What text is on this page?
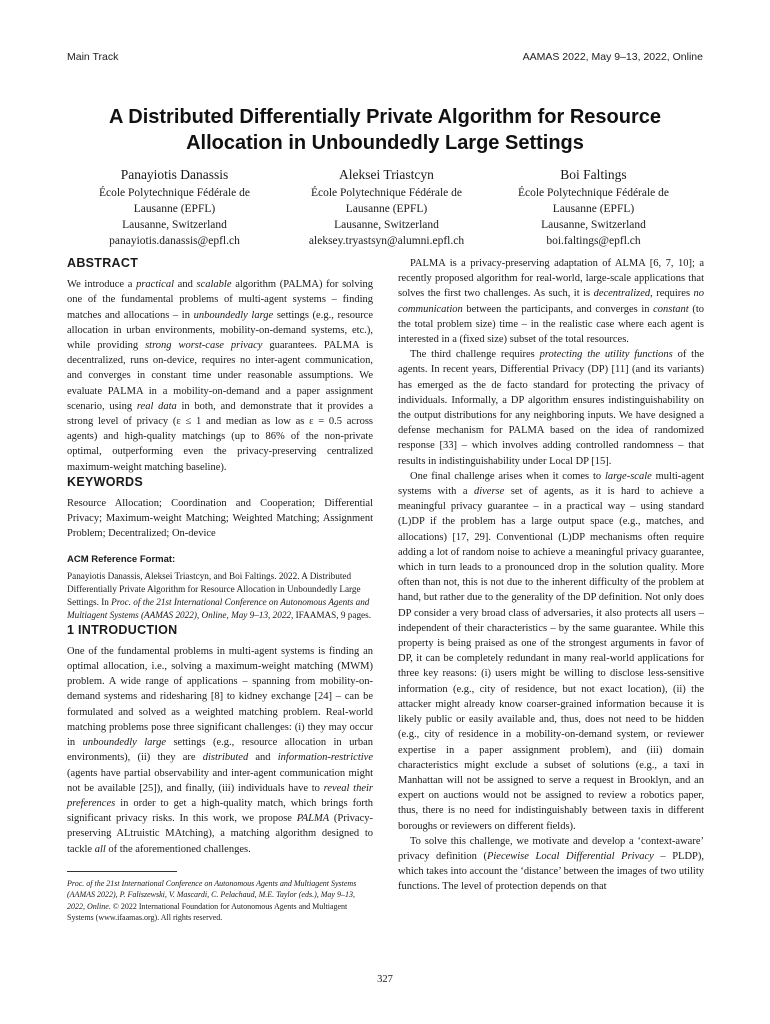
Main Track	AAMAS 2022, May 9–13, 2022, Online
A Distributed Differentially Private Algorithm for Resource
Allocation in Unboundedly Large Settings
Panayiotis Danassis
École Polytechnique Fédérale de
Lausanne (EPFL)
Lausanne, Switzerland
panayiotis.danassis@epfl.ch
Aleksei Triastcyn
École Polytechnique Fédérale de
Lausanne (EPFL)
Lausanne, Switzerland
aleksey.tryastsyn@alumni.epfl.ch
Boi Faltings
École Polytechnique Fédérale de
Lausanne (EPFL)
Lausanne, Switzerland
boi.faltings@epfl.ch
ABSTRACT

We introduce a practical and scalable algorithm (PALMA) for solving one of the fundamental problems of multi-agent systems – finding matches and allocations – in unboundedly large settings (e.g., resource allocation in urban environments, mobility-on-demand systems, etc.), while providing strong worst-case privacy guarantees. PALMA is decentralized, runs on-device, requires no inter-agent communication, and converges in constant time under reasonable assumptions. We evaluate PALMA in a mobility-on-demand and a paper assignment scenario, using real data in both, and demonstrate that it provides a strong level of privacy (ε ≤ 1 and median as low as ε = 0.5 across agents) and high-quality matchings (up to 86% of the non-private optimal, outperforming even the privacy-preserving centralized maximum-weight matching baseline).

KEYWORDS

Resource Allocation; Coordination and Cooperation; Differential Privacy; Maximum-weight Matching; Weighted Matching; Assignment Problem; Decentralized; On-device

ACM Reference Format:

Panayiotis Danassis, Aleksei Triastcyn, and Boi Faltings. 2022. A Distributed Differentially Private Algorithm for Resource Allocation in Unboundedly Large Settings. In Proc. of the 21st International Conference on Autonomous Agents and Multiagent Systems (AAMAS 2022), Online, May 9–13, 2022, IFAAMAS, 9 pages.

1 INTRODUCTION

One of the fundamental problems in multi-agent systems is finding an optimal allocation, i.e., solving a maximum-weight matching (MWM) problem. A wide range of applications – spanning from mobility-on-demand systems and ridesharing [8] to kidney exchange [24] – can be formulated and solved as a weighted matching problem. Real-world matching problems pose three significant challenges: (i) they may occur in unboundedly large settings (e.g., resource allocation in urban environments), (ii) they are distributed and information-restrictive (agents have partial observability and inter-agent communication might not be available [25]), and finally, (iii) individuals have to reveal their preferences in order to get a high-quality match, which brings forth significant privacy risks. In this work, we propose PALMA (Privacy-preserving ALtruistic MAtching), a matching algorithm designed to tackle all of the aforementioned challenges.

Proc. of the 21st International Conference on Autonomous Agents and Multiagent Systems (AAMAS 2022), P. Faliszewski, V. Mascardi, C. Pelachaud, M.E. Taylor (eds.), May 9–13, 2022, Online. © 2022 International Foundation for Autonomous Agents and Multiagent Systems (www.ifaamas.org). All rights reserved.

PALMA is a privacy-preserving adaptation of ALMA [6, 7, 10]; a recently proposed algorithm for real-world, large-scale applications that solves the first two challenges. As such, it is decentralized, requires no communication between the participants, and converges in constant (to the total problem size) time – in the realistic case where each agent is interested in a (fixed size) subset of the total resources.

The third challenge requires protecting the utility functions of the agents. In recent years, Differential Privacy (DP) [11] (and its variants) has emerged as the de facto standard for protecting the privacy of individuals. Informally, a DP algorithm ensures indistinguishability on the output distributions for any neighboring inputs. We have designed a defense mechanism for PALMA based on the idea of randomized response [33] – which involves adding controlled randomness – that results in indistinguishability under Local DP [15].

One final challenge arises when it comes to large-scale multi-agent systems with a diverse set of agents, as it is hard to achieve a meaningful privacy guarantee – in a practical way – using standard (L)DP if the problem has a large output space (e.g., matches, and allocations) [17, 29]. Conventional (L)DP mechanisms often require adding a lot of random noise to achieve a meaningful privacy guarantee, which in turn leads to a pronounced drop in the solution quality. More often than not, this is not due to the inherent difficulty of the problem at hand, but rather due to the generality of the DP definition. Not only does DP consider a very broad class of adversaries, it also protects all users – independent of their characteristics – by the same guarantee. While this property is being praised as one of the strongest arguments in favor of DP, it can be completely redundant in many real-world applications for three key reasons: (i) users might be willing to disclose less-sensitive information (e.g., city of residence, but not exact location), (ii) the attacker might already know coarser-grained information because it is likely public or easily available and, thus, does not need to be hidden (e.g., city of residence in a mobility-on-demand system, or reviewer expertise in a paper assignment problem), and (iii) domain characteristics might exclude a subset of solutions (e.g., a taxi in Manhattan will not be assigned to serve a request in Brooklyn, and an expert on auctions would not be assigned to review a robotics paper, thus, there is no need for indistinguishably between taxis in different boroughs or reviewers on different fields).

To solve this challenge, we motivate and develop a ‘context-aware’ privacy definition (Piecewise Local Differential Privacy – PLDP), which takes into account the ‘distance’ between the images of two utility functions. The level of protection depends on that

327
